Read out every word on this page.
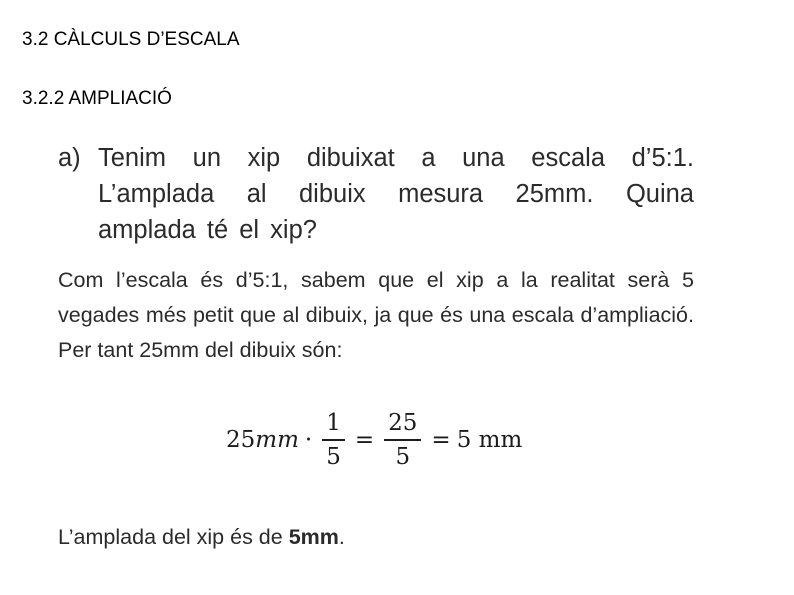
3.2 CÀLCULS D’ESCALA
3.2.2 AMPLIACIÓ
a) Tenim un xip dibuixat a una escala d’5:1. L’amplada al dibuix mesura 25mm. Quina amplada té el xip?
Com l’escala és d’5:1, sabem que el xip a la realitat serà 5 vegades més petit que al dibuix, ja que és una escala d’ampliació. Per tant 25mm del dibuix són:
25 mm · $\frac{1}{5} = \frac{25}{5} = 5$ mm
L’amplada del xip és de 5mm.
